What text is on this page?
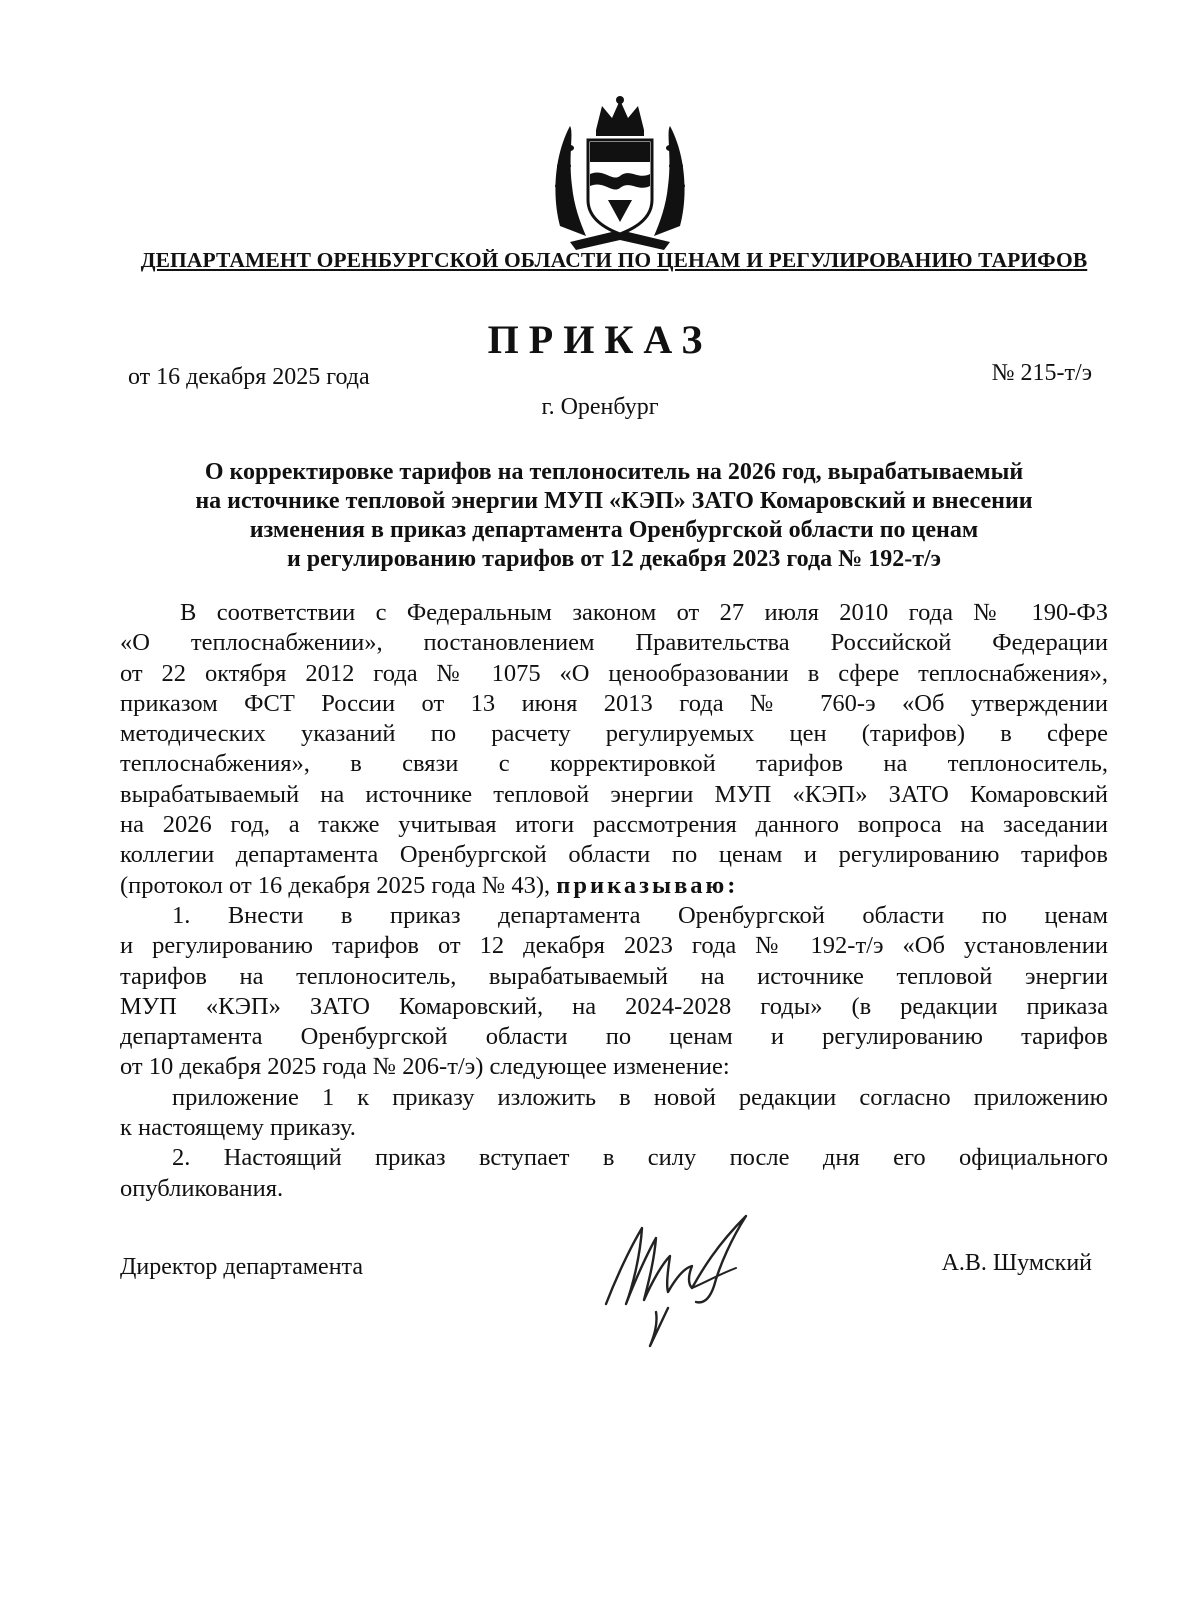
ДЕПАРТАМЕНТ ОРЕНБУРГСКОЙ ОБЛАСТИ ПО ЦЕНАМ И РЕГУЛИРОВАНИЮ ТАРИФОВ
ПРИКАЗ
от 16 декабря 2025 года	№ 215-т/э
г. Оренбург
О корректировке тарифов на теплоноситель на 2026 год, вырабатываемый
на источнике тепловой энергии МУП «КЭП» ЗАТО Комаровский и внесении
изменения в приказ департамента Оренбургской области по ценам
и регулированию тарифов от 12 декабря 2023 года № 192-т/э
В соответствии с Федеральным законом от 27 июля 2010 года № 190-ФЗ
«О теплоснабжении», постановлением Правительства Российской Федерации
от 22 октября 2012 года № 1075 «О ценообразовании в сфере теплоснабжения»,
приказом ФСТ России от 13 июня 2013 года № 760-э «Об утверждении
методических указаний по расчету регулируемых цен (тарифов) в сфере
теплоснабжения», в связи с корректировкой тарифов на теплоноситель,
вырабатываемый на источнике тепловой энергии МУП «КЭП» ЗАТО Комаровский
на 2026 год, а также учитывая итоги рассмотрения данного вопроса на заседании
коллегии департамента Оренбургской области по ценам и регулированию тарифов
(протокол от 16 декабря 2025 года № 43), приказываю:
1. Внести в приказ департамента Оренбургской области по ценам
и регулированию тарифов от 12 декабря 2023 года № 192-т/э «Об установлении
тарифов на теплоноситель, вырабатываемый на источнике тепловой энергии
МУП «КЭП» ЗАТО Комаровский, на 2024-2028 годы» (в редакции приказа
департамента Оренбургской области по ценам и регулированию тарифов
от 10 декабря 2025 года № 206-т/э) следующее изменение:
приложение 1 к приказу изложить в новой редакции согласно приложению
к настоящему приказу.
2. Настоящий приказ вступает в силу после дня его официального
опубликования.
Директор департамента	А.В. Шумский
